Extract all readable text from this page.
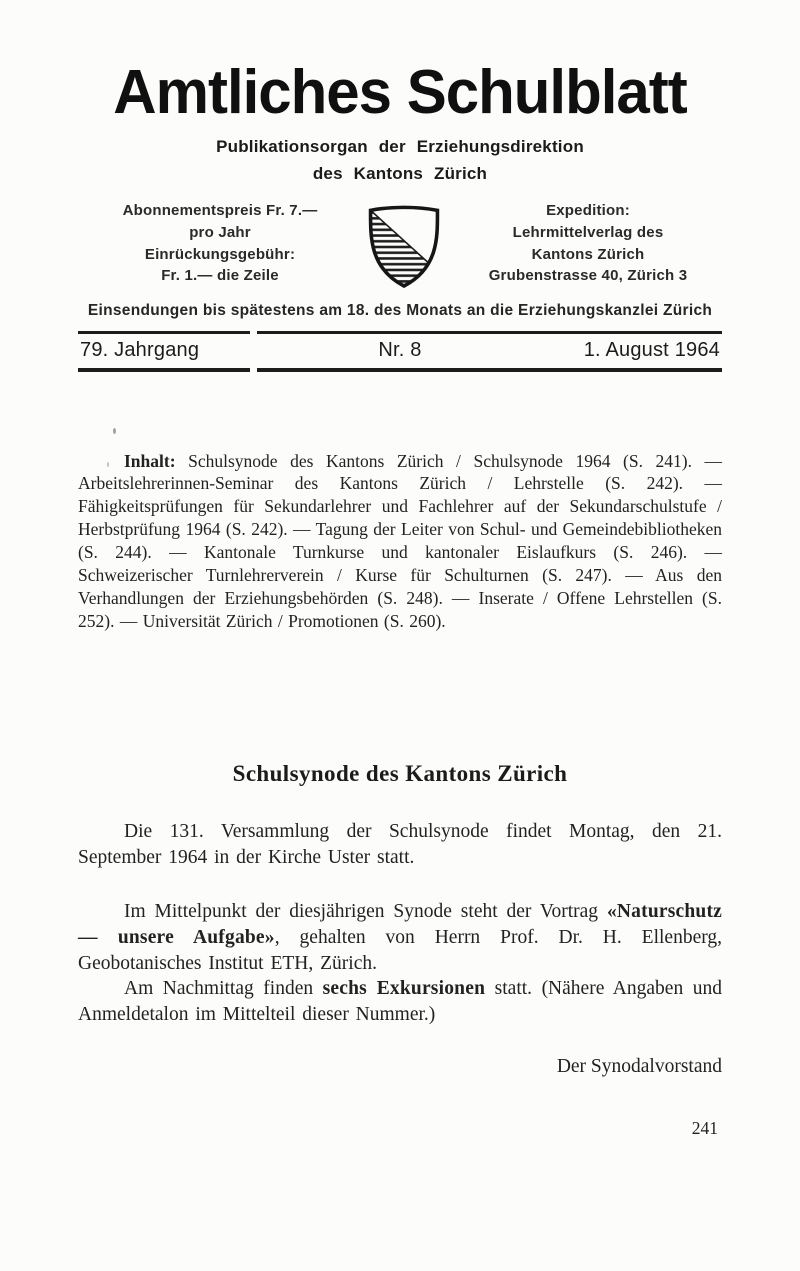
Amtliches Schulblatt
Publikationsorgan der Erziehungsdirektion
des Kantons Zürich
Abonnementspreis Fr. 7.—
pro Jahr
Einrückungsgebühr:
Fr. 1.— die Zeile
Expedition:
Lehrmittelverlag des
Kantons Zürich
Grubenstrasse 40, Zürich 3
Einsendungen bis spätestens am 18. des Monats an die Erziehungskanzlei Zürich
79. Jahrgang	Nr. 8	1. August 1964

Inhalt: Schulsynode des Kantons Zürich / Schulsynode 1964 (S. 241). — Arbeitslehrerinnen-Seminar des Kantons Zürich / Lehrstelle (S. 242). — Fähigkeitsprüfungen für Sekundarlehrer und Fachlehrer auf der Sekundarschulstufe / Herbstprüfung 1964 (S. 242). — Tagung der Leiter von Schul- und Gemeindebibliotheken (S. 244). — Kantonale Turnkurse und kantonaler Eislaufkurs (S. 246). — Schweizerischer Turnlehrerverein / Kurse für Schulturnen (S. 247). — Aus den Verhandlungen der Erziehungsbehörden (S. 248). — Inserate / Offene Lehrstellen (S. 252). — Universität Zürich / Promotionen (S. 260).

Schulsynode des Kantons Zürich

Die 131. Versammlung der Schulsynode findet Montag, den 21. September 1964 in der Kirche Uster statt.

Im Mittelpunkt der diesjährigen Synode steht der Vortrag «Naturschutz — unsere Aufgabe», gehalten von Herrn Prof. Dr. H. Ellenberg, Geobotanisches Institut ETH, Zürich.

Am Nachmittag finden sechs Exkursionen statt. (Nähere Angaben und Anmeldetalon im Mittelteil dieser Nummer.)

Der Synodalvorstand
241
